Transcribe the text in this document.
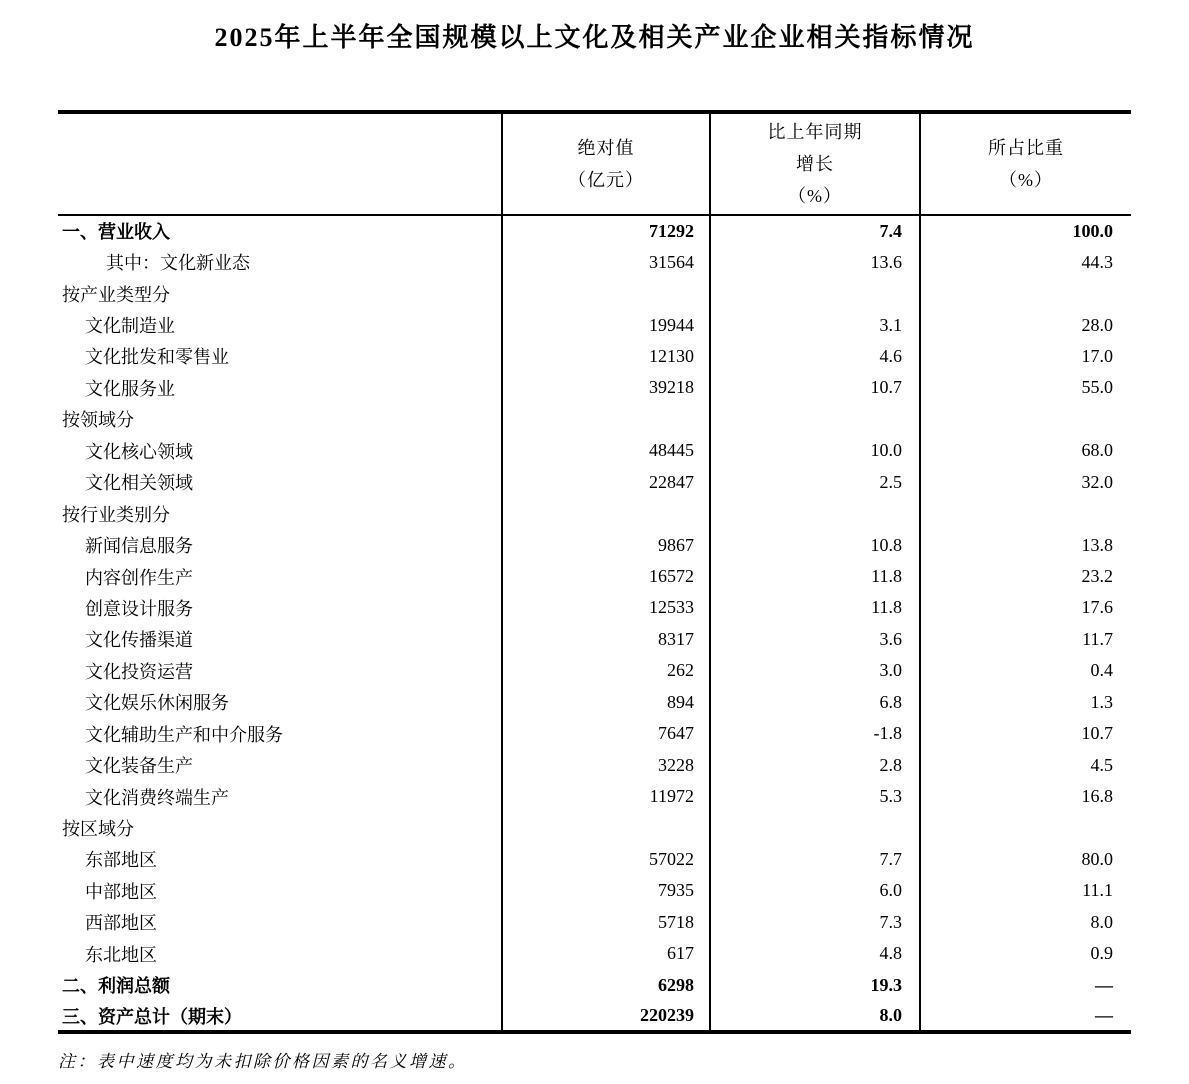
2025年上半年全国规模以上文化及相关产业企业相关指标情况

绝对值
（亿元）

比上年同期
增长
（%）

所占比重
（%）

一、营业收入	71292	7.4	100.0
其中：文化新业态	31564	13.6	44.3
按产业类型分			
文化制造业	19944	3.1	28.0
文化批发和零售业	12130	4.6	17.0
文化服务业	39218	10.7	55.0
按领域分			
文化核心领域	48445	10.0	68.0
文化相关领域	22847	2.5	32.0
按行业类别分			
新闻信息服务	9867	10.8	13.8
内容创作生产	16572	11.8	23.2
创意设计服务	12533	11.8	17.6
文化传播渠道	8317	3.6	11.7
文化投资运营	262	3.0	0.4
文化娱乐休闲服务	894	6.8	1.3
文化辅助生产和中介服务	7647	-1.8	10.7
文化装备生产	3228	2.8	4.5
文化消费终端生产	11972	5.3	16.8
按区域分			
东部地区	57022	7.7	80.0
中部地区	7935	6.0	11.1
西部地区	5718	7.3	8.0
东北地区	617	4.8	0.9
二、利润总额	6298	19.3	—
三、资产总计（期末）	220239	8.0	—

注：表中速度均为未扣除价格因素的名义增速。
